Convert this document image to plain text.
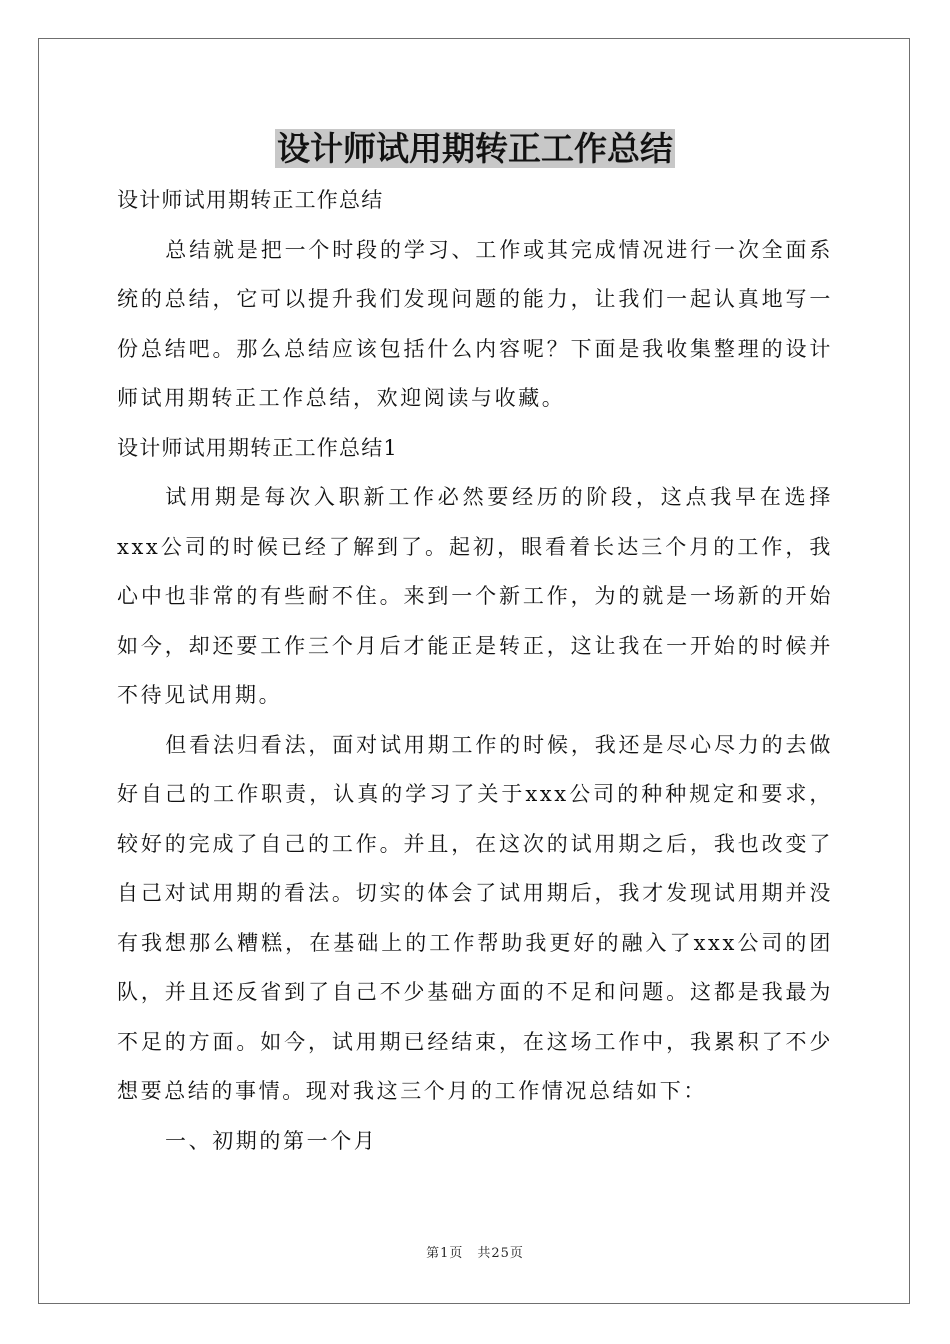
设计师试用期转正工作总结

设计师试用期转正工作总结

总结就是把一个时段的学习、工作或其完成情况进行一次全面系统的总结，它可以提升我们发现问题的能力，让我们一起认真地写一份总结吧。那么总结应该包括什么内容呢？下面是我收集整理的设计师试用期转正工作总结，欢迎阅读与收藏。

设计师试用期转正工作总结1

试用期是每次入职新工作必然要经历的阶段，这点我早在选择xxx公司的时候已经了解到了。起初，眼看着长达三个月的工作，我心中也非常的有些耐不住。来到一个新工作，为的就是一场新的开始如今，却还要工作三个月后才能正是转正，这让我在一开始的时候并不待见试用期。

但看法归看法，面对试用期工作的时候，我还是尽心尽力的去做好自己的工作职责，认真的学习了关于xxx公司的种种规定和要求，较好的完成了自己的工作。并且，在这次的试用期之后，我也改变了自己对试用期的看法。切实的体会了试用期后，我才发现试用期并没有我想那么糟糕，在基础上的工作帮助我更好的融入了xxx公司的团队，并且还反省到了自己不少基础方面的不足和问题。这都是我最为不足的方面。如今，试用期已经结束，在这场工作中，我累积了不少想要总结的事情。现对我这三个月的工作情况总结如下：

一、初期的第一个月

第1页　共25页
